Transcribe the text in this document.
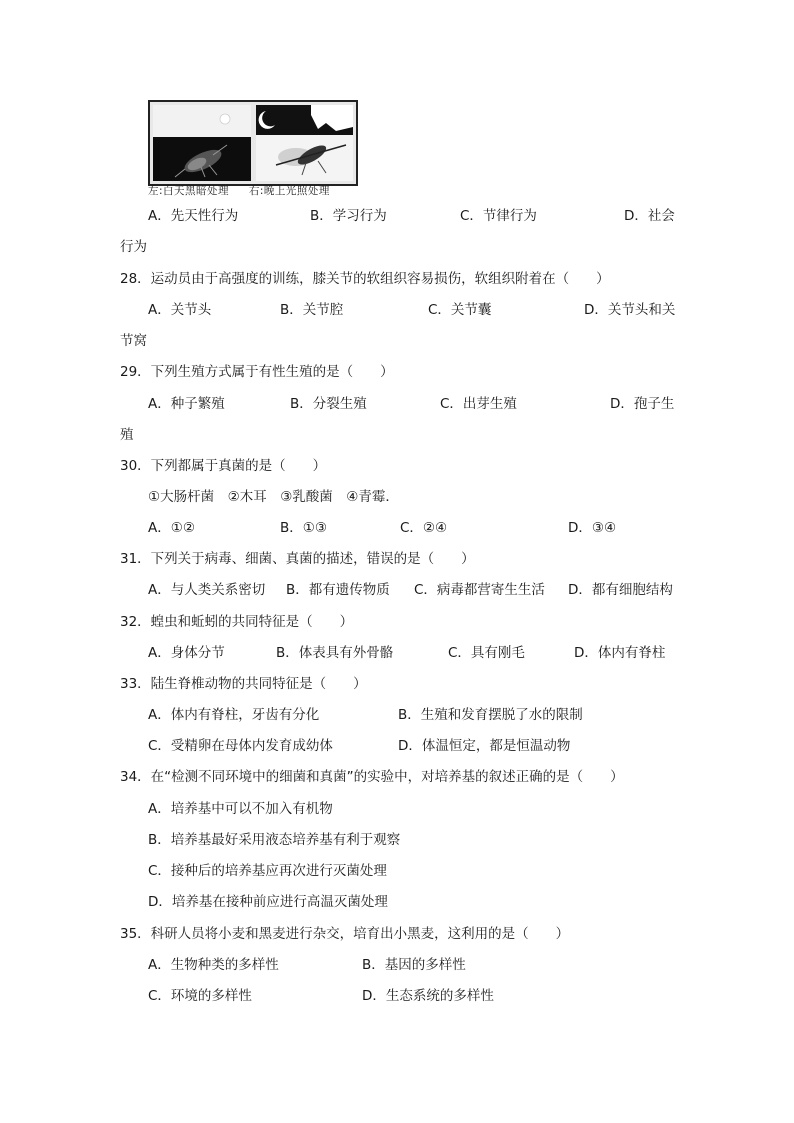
左:白天黑暗处理 右:晚上光照处理
A．先天性行为	B．学习行为	C．节律行为	D．社会
行为
28．运动员由于高强度的训练，膝关节的软组织容易损伤，软组织附着在（　　）
A．关节头	B．关节腔	C．关节囊	D．关节头和关
节窝
29．下列生殖方式属于有性生殖的是（　　）
A．种子繁殖	B．分裂生殖	C．出芽生殖	D．孢子生
殖
30．下列都属于真菌的是（　　）
①大肠杆菌　②木耳　③乳酸菌　④青霉．
A．①②	B．①③	C．②④	D．③④
31．下列关于病毒、细菌、真菌的描述，错误的是（　　）
A．与人类关系密切 B．都有遗传物质 C．病毒都营寄生生活 D．都有细胞结构
32．蝗虫和蚯蚓的共同特征是（　　）
A．身体分节	B．体表具有外骨骼	C．具有刚毛	D．体内有脊柱
33．陆生脊椎动物的共同特征是（　　）
A．体内有脊柱，牙齿有分化	B．生殖和发育摆脱了水的限制
C．受精卵在母体内发育成幼体	D．体温恒定，都是恒温动物
34．在“检测不同环境中的细菌和真菌”的实验中，对培养基的叙述正确的是（　　）
A．培养基中可以不加入有机物
B．培养基最好采用液态培养基有利于观察
C．接种后的培养基应再次进行灭菌处理
D．培养基在接种前应进行高温灭菌处理
35．科研人员将小麦和黑麦进行杂交，培育出小黑麦，这利用的是（　　）
A．生物种类的多样性	B．基因的多样性
C．环境的多样性	D．生态系统的多样性
